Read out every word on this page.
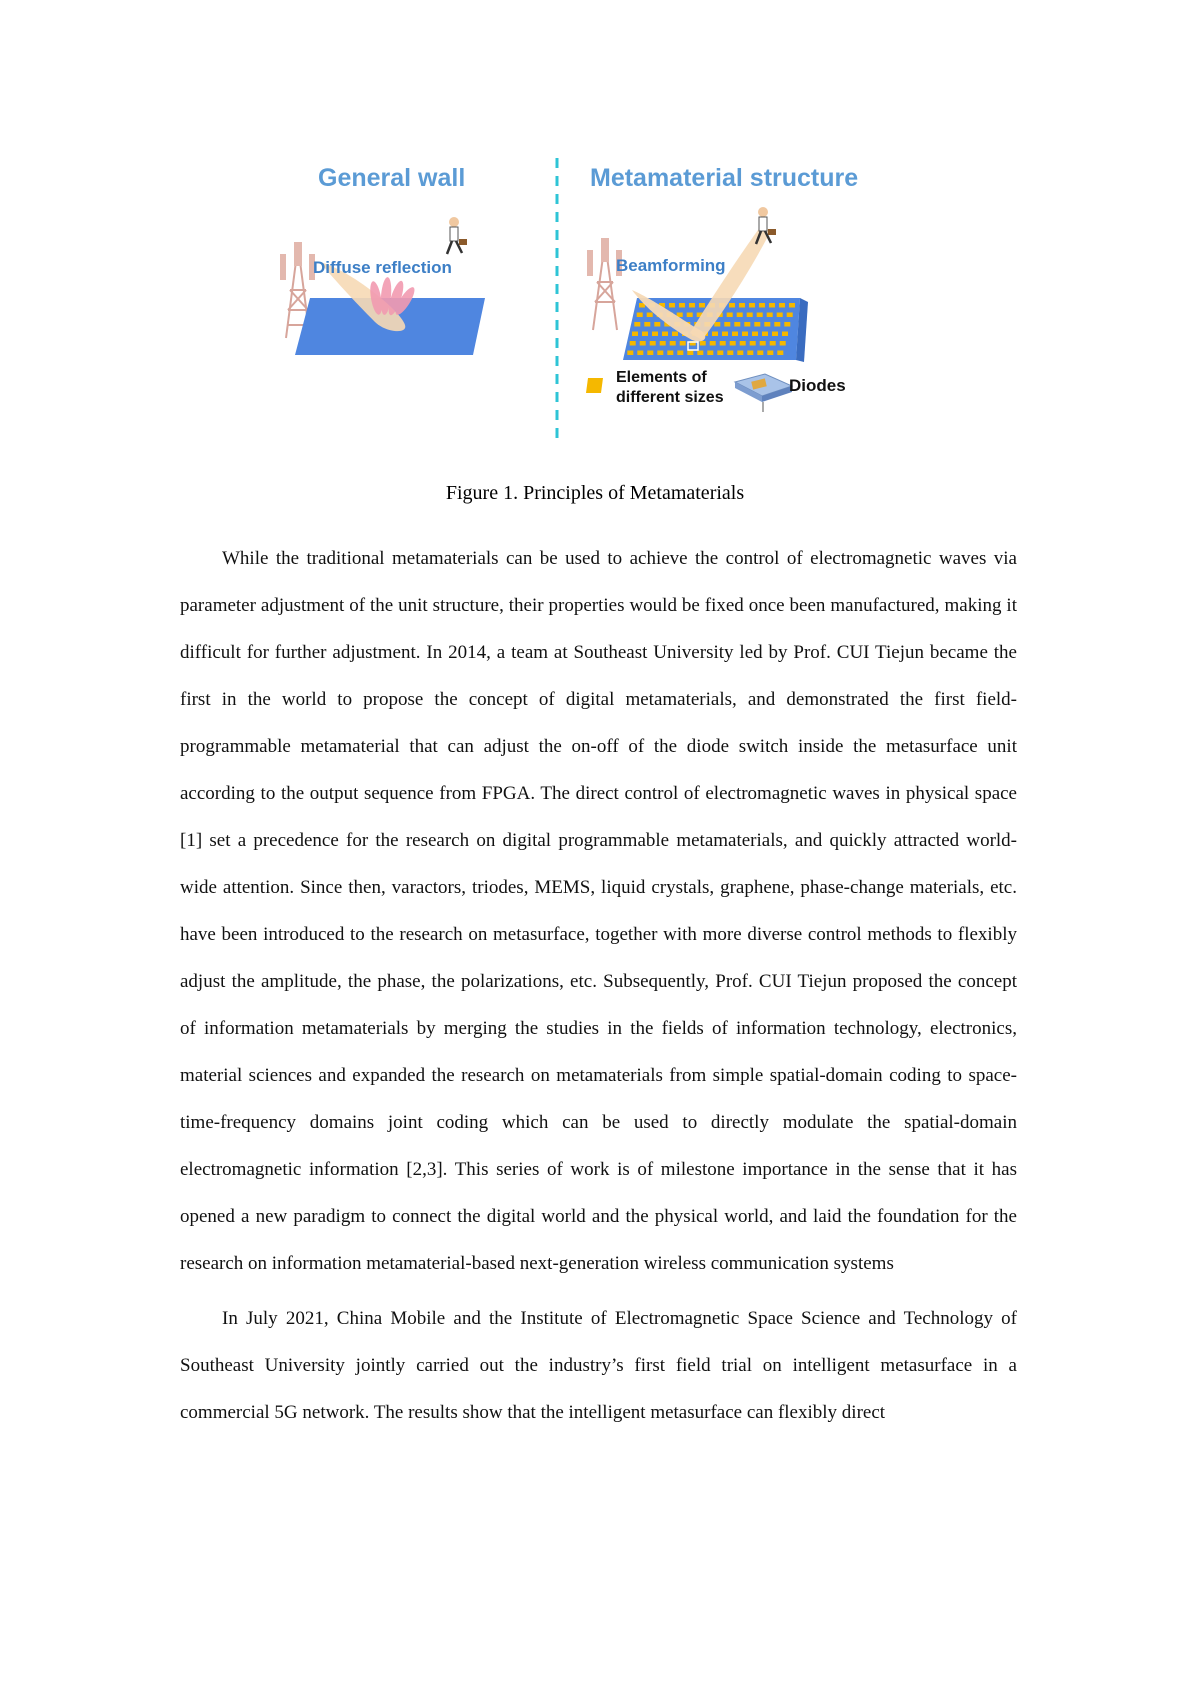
General wall	Metamaterial structure
Diffuse reflection	Beamforming
Elements of
different sizes
Diodes
Figure 1. Principles of Metamaterials

While the traditional metamaterials can be used to achieve the control of electromagnetic waves via parameter adjustment of the unit structure, their properties would be fixed once been manufactured, making it difficult for further adjustment. In 2014, a team at Southeast University led by Prof. CUI Tiejun became the first in the world to propose the concept of digital metamaterials, and demonstrated the first field-programmable metamaterial that can adjust the on-off of the diode switch inside the metasurface unit according to the output sequence from FPGA. The direct control of electromagnetic waves in physical space [1] set a precedence for the research on digital programmable metamaterials, and quickly attracted world-wide attention. Since then, varactors, triodes, MEMS, liquid crystals, graphene, phase-change materials, etc. have been introduced to the research on metasurface, together with more diverse control methods to flexibly adjust the amplitude, the phase, the polarizations, etc. Subsequently, Prof. CUI Tiejun proposed the concept of information metamaterials by merging the studies in the fields of information technology, electronics, material sciences and expanded the research on metamaterials from simple spatial-domain coding to space-time-frequency domains joint coding which can be used to directly modulate the spatial-domain electromagnetic information [2,3]. This series of work is of milestone importance in the sense that it has opened a new paradigm to connect the digital world and the physical world, and laid the foundation for the research on information metamaterial-based next-generation wireless communication systems

In July 2021, China Mobile and the Institute of Electromagnetic Space Science and Technology of Southeast University jointly carried out the industry’s first field trial on intelligent metasurface in a commercial 5G network. The results show that the intelligent metasurface can flexibly direct
